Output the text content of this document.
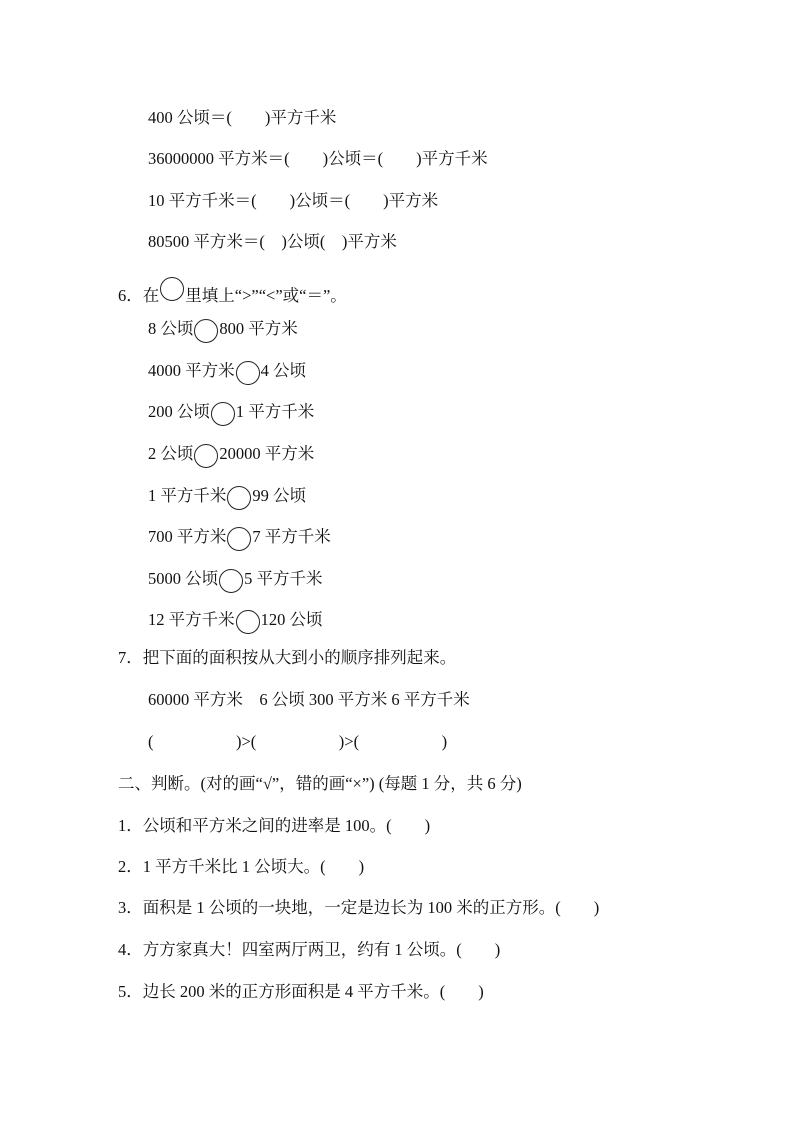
400 公顷＝(　　)平方千米
36000000 平方米＝(　　)公顷＝(　　)平方千米
10 平方千米＝(　　)公顷＝(　　)平方米
80500 平方米＝(　)公顷(　)平方米
6．在 里填上“>”“<”或“＝”。
8 公顷 800 平方米
4000 平方米 4 公顷
200 公顷 1 平方千米
2 公顷 20000 平方米
1 平方千米 99 公顷
700 平方米 7 平方千米
5000 公顷 5 平方千米
12 平方千米 120 公顷
7．把下面的面积按从大到小的顺序排列起来。
60000 平方米　6 公顷 300 平方米 6 平方千米
(　　　　　)>(　　　　　)>(　　　　　)
二、判断。(对的画“√”，错的画“×”) (每题 1 分，共 6 分)
1．公顷和平方米之间的进率是 100。(　　)
2．1 平方千米比 1 公顷大。(　　)
3．面积是 1 公顷的一块地，一定是边长为 100 米的正方形。(　　)
4．方方家真大！四室两厅两卫，约有 1 公顷。(　　)
5．边长 200 米的正方形面积是 4 平方千米。(　　)
